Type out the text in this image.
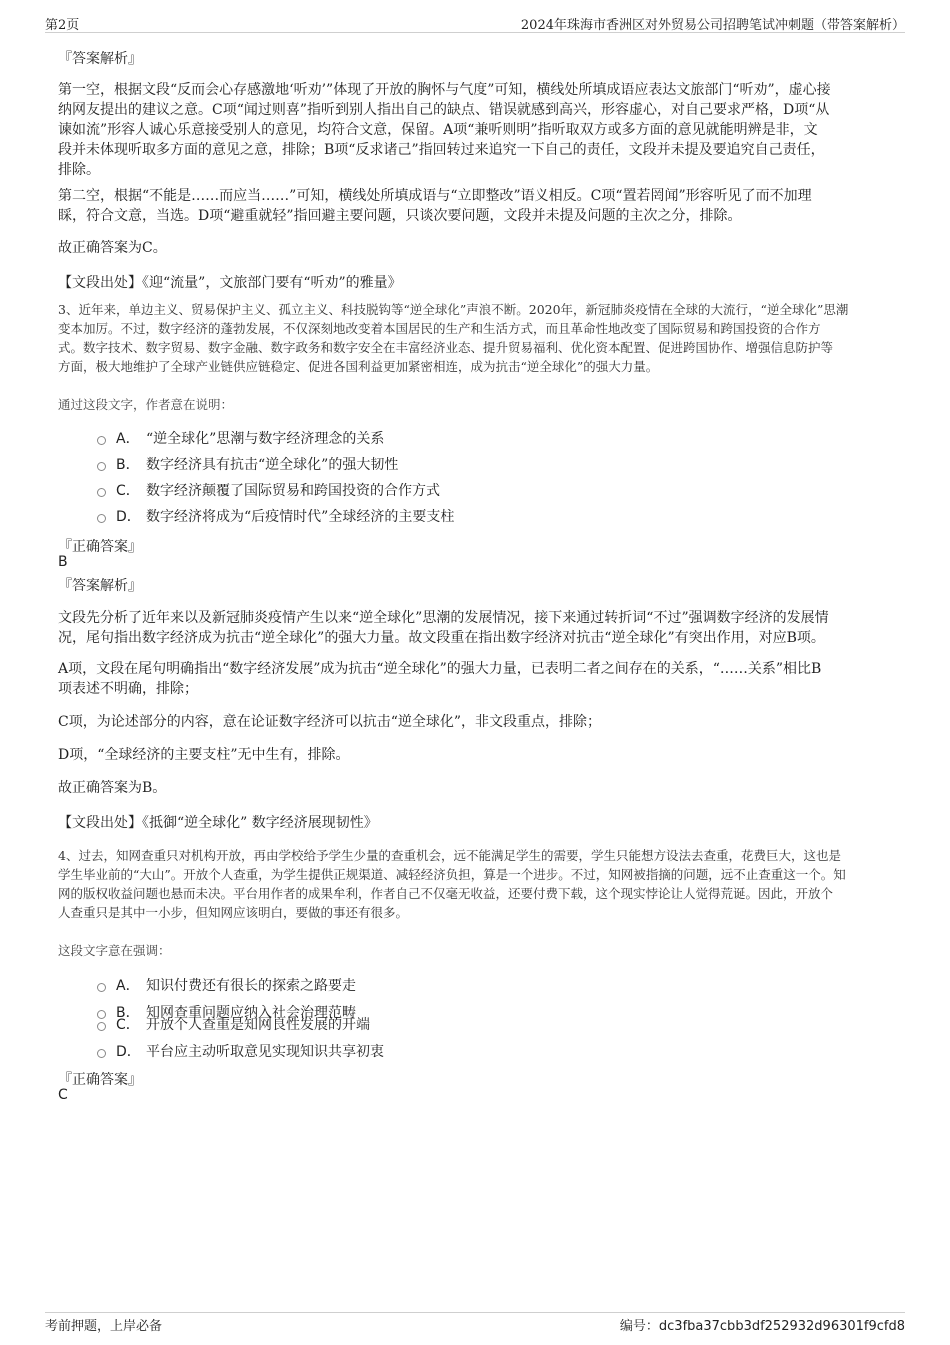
第2页	2024年珠海市香洲区对外贸易公司招聘笔试冲刺题（带答案解析）
『答案解析』

第一空，根据文段“反而会心存感激地‘听劝’”体现了开放的胸怀与气度”可知，横线处所填成语应表达文旅部门“听劝”，虚心接

纳网友提出的建议之意。C项“闻过则喜”指听到别人指出自己的缺点、错误就感到高兴，形容虚心，对自己要求严格，D项“从

谏如流”形容人诚心乐意接受别人的意见，均符合文意，保留。A项“兼听则明”指听取双方或多方面的意见就能明辨是非，文

段并未体现听取多方面的意见之意，排除；B项“反求诸己”指回转过来追究一下自己的责任，文段并未提及要追究自己责任，

排除。

第二空，根据“不能是……而应当……”可知，横线处所填成语与“立即整改”语义相反。C项“置若罔闻”形容听见了而不加理

睬，符合文意，当选。D项“避重就轻”指回避主要问题，只谈次要问题，文段并未提及问题的主次之分，排除。

故正确答案为C。
【文段出处】《迎“流量”，文旅部门要有“听劝”的雅量》

3、近年来，单边主义、贸易保护主义、孤立主义、科技脱钩等“逆全球化”声浪不断。2020年，新冠肺炎疫情在全球的大流行，“逆全球化”思潮

变本加厉。不过，数字经济的蓬勃发展，不仅深刻地改变着本国居民的生产和生活方式，而且革命性地改变了国际贸易和跨国投资的合作方

式。数字技术、数字贸易、数字金融、数字政务和数字安全在丰富经济业态、提升贸易福利、优化资本配置、促进跨国协作、增强信息防护等

方面，极大地维护了全球产业链供应链稳定、促进各国利益更加紧密相连，成为抗击“逆全球化”的强大力量。

通过这段文字，作者意在说明：
A． “逆全球化”思潮与数字经济理念的关系
B． 数字经济具有抗击“逆全球化”的强大韧性
C． 数字经济颠覆了国际贸易和跨国投资的合作方式
D． 数字经济将成为“后疫情时代”全球经济的主要支柱
『正确答案』
B
『答案解析』

文段先分析了近年来以及新冠肺炎疫情产生以来“逆全球化”思潮的发展情况，接下来通过转折词“不过”强调数字经济的发展情

况，尾句指出数字经济成为抗击“逆全球化”的强大力量。故文段重在指出数字经济对抗击“逆全球化”有突出作用，对应B项。

A项，文段在尾句明确指出“数字经济发展”成为抗击“逆全球化”的强大力量，已表明二者之间存在的关系，“……关系”相比B

项表述不明确，排除；

C项，为论述部分的内容，意在论证数字经济可以抗击“逆全球化”，非文段重点，排除；
D项，“全球经济的主要支柱”无中生有，排除。
故正确答案为B。
【文段出处】《抵御“逆全球化” 数字经济展现韧性》

4、过去，知网查重只对机构开放，再由学校给予学生少量的查重机会，远不能满足学生的需要，学生只能想方设法去查重，花费巨大，这也是

学生毕业前的“大山”。开放个人查重，为学生提供正规渠道、减轻经济负担，算是一个进步。不过，知网被指摘的问题，远不止查重这一个。知

网的版权收益问题也悬而未决。平台用作者的成果牟利，作者自己不仅毫无收益，还要付费下载，这个现实悖论让人觉得荒诞。因此，开放个

人查重只是其中一小步，但知网应该明白，要做的事还有很多。

这段文字意在强调：
A． 知识付费还有很长的探索之路要走
B． 知网查重问题应纳入社会治理范畴
C． 开放个人查重是知网良性发展的开端
D． 平台应主动听取意见实现知识共享初衷
『正确答案』
C
考前押题，上岸必备	编号：dc3fba37cbb3df252932d96301f9cfd8
